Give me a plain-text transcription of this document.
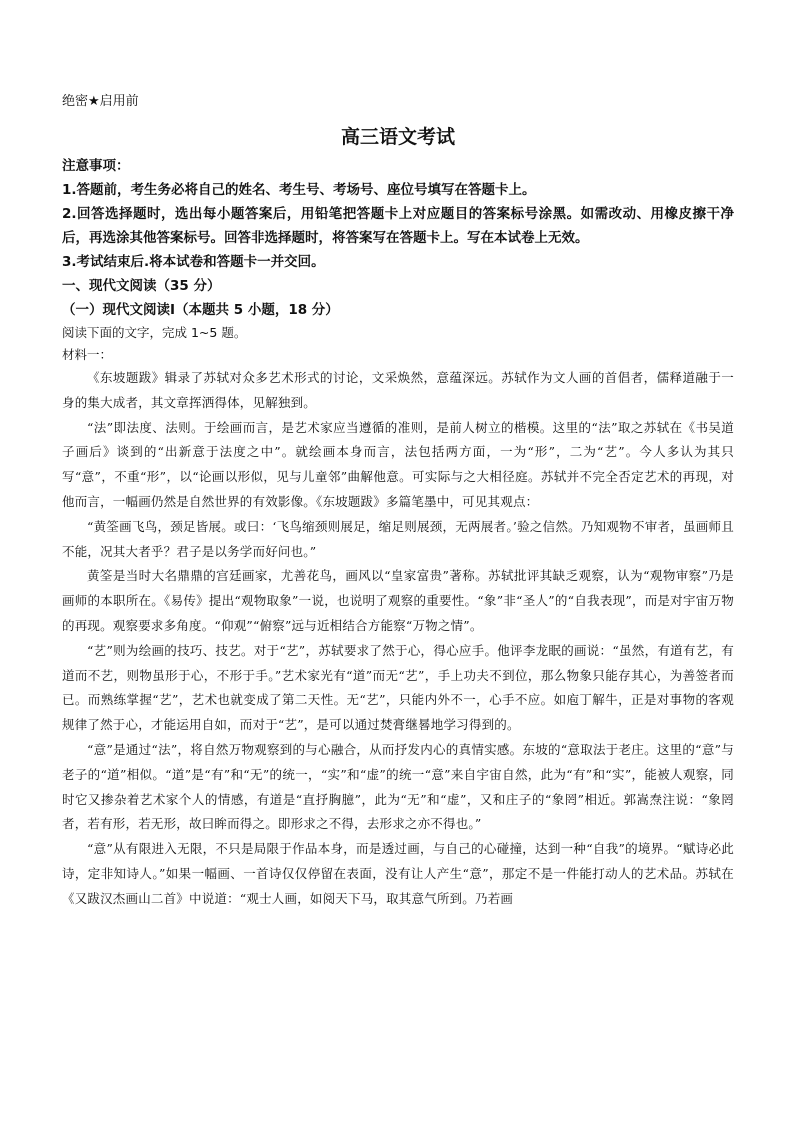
绝密★启用前
高三语文考试
注意事项：

1.答题前，考生务必将自己的姓名、考生号、考场号、座位号填写在答题卡上。

2.回答选择题时，选出每小题答案后，用铅笔把答题卡上对应题目的答案标号涂黑。如需改动、用橡皮擦干净后，再选涂其他答案标号。回答非选择题时，将答案写在答题卡上。写在本试卷上无效。

3.考试结束后.将本试卷和答题卡一并交回。

一、现代文阅读（35 分）
（一）现代文阅读Ⅰ（本题共 5 小题，18 分）
阅读下面的文字，完成 1~5 题。
材料一：

《东坡题跋》辑录了苏轼对众多艺术形式的讨论，文采焕然，意蕴深远。苏轼作为文人画的首倡者，儒释道融于一身的集大成者，其文章挥洒得体，见解独到。

“法”即法度、法则。于绘画而言，是艺术家应当遵循的准则，是前人树立的楷模。这里的“法”取之苏轼在《书吴道子画后》谈到的“出新意于法度之中”。就绘画本身而言，法包括两方面，一为“形”，二为“艺”。今人多认为其只写“意”，不重“形”，以“论画以形似，见与儿童邻”曲解他意。可实际与之大相径庭。苏轼并不完全否定艺术的再现，对他而言，一幅画仍然是自然世界的有效影像。《东坡题跋》多篇笔墨中，可见其观点：

“黄筌画飞鸟，颈足皆展。或曰：‘飞鸟缩颈则展足，缩足则展颈，无两展者。’验之信然。乃知观物不审者，虽画师且不能，况其大者乎？君子是以务学而好问也。”

黄筌是当时大名鼎鼎的宫廷画家，尤善花鸟，画风以“皇家富贵”著称。苏轼批评其缺乏观察，认为“观物审察”乃是画师的本职所在。《易传》提出“观物取象”一说，也说明了观察的重要性。“象”非“圣人”的“自我表现”，而是对宇宙万物的再现。观察要求多角度。“仰观”“俯察”远与近相结合方能察“万物之情”。

“艺”则为绘画的技巧、技艺。对于“艺”，苏轼要求了然于心，得心应手。他评李龙眠的画说：“虽然，有道有艺，有道而不艺，则物虽形于心，不形于手。”艺术家光有“道”而无“艺”，手上功夫不到位，那么物象只能存其心，为善签者而已。而熟练掌握“艺”，艺术也就变成了第二天性。无“艺”，只能内外不一，心手不应。如庖丁解牛，正是对事物的客观规律了然于心，才能运用自如，而对于“艺”，是可以通过焚膏继晷地学习得到的。

“意”是通过“法”，将自然万物观察到的与心融合，从而抒发内心的真情实感。东坡的“意取法于老庄。这里的“意”与老子的“道”相似。“道”是“有”和“无”的统一，“实”和“虚”的统一“意”来自宇宙自然，此为“有”和“实”，能被人观察，同时它又掺杂着艺术家个人的情感，有道是“直抒胸臆”，此为“无”和“虚”，又和庄子的“象罔”相近。郭嵩焘注说：“象罔者，若有形，若无形，故曰眸而得之。即形求之不得，去形求之亦不得也。”

“意”从有限进入无限，不只是局限于作品本身，而是透过画，与自己的心碰撞，达到一种“自我”的境界。“赋诗必此诗，定非知诗人。”如果一幅画、一首诗仅仅停留在表面，没有让人产生“意”，那定不是一件能打动人的艺术品。苏轼在《又跋汉杰画山二首》中说道：“观士人画，如阅天下马，取其意气所到。乃若画
